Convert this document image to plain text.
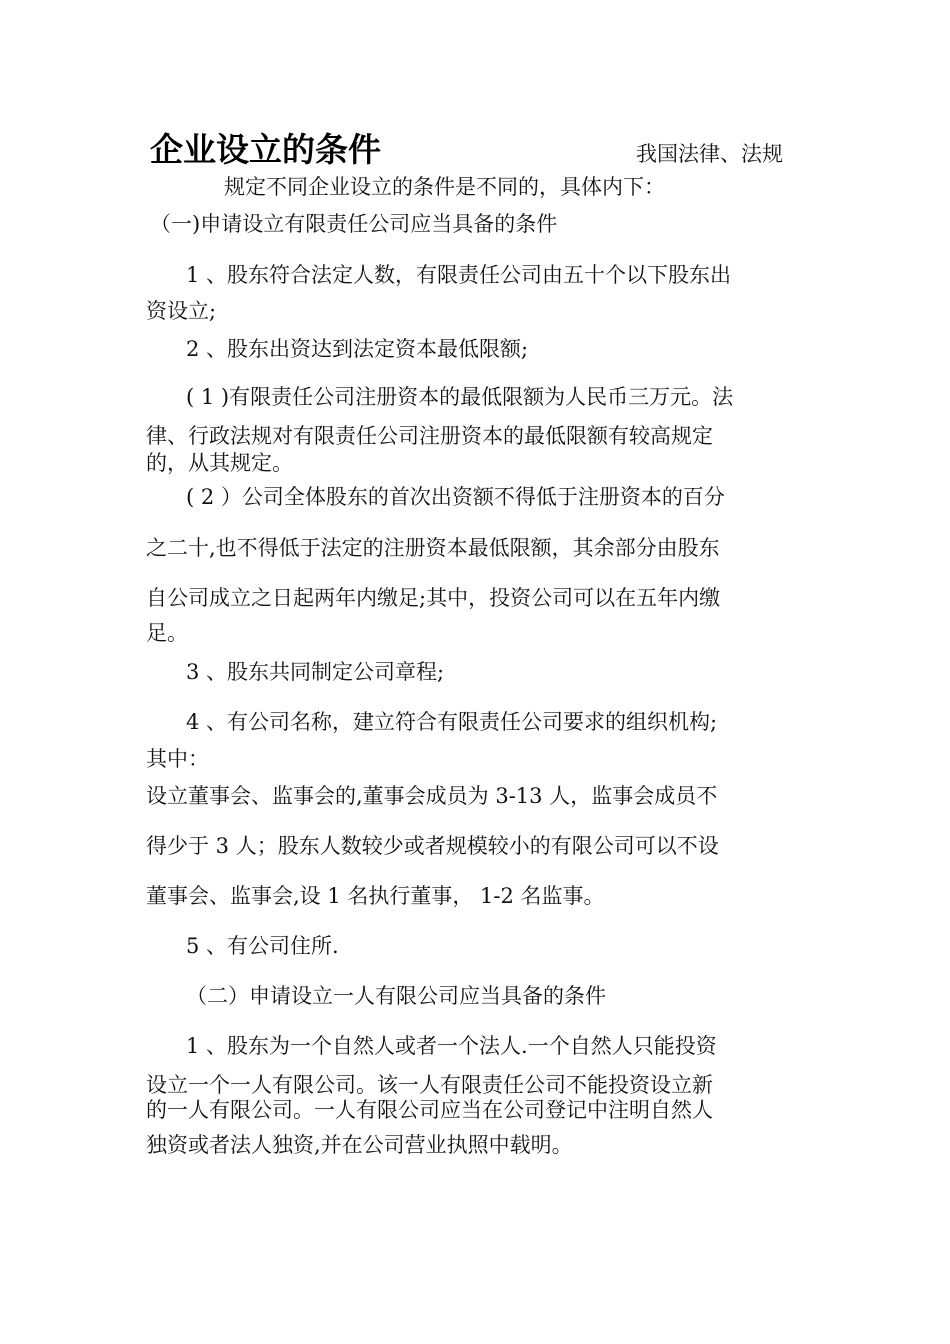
企业设立的条件	我国法律、法规
规定不同企业设立的条件是不同的，具体内下：
（一)申请设立有限责任公司应当具备的条件
1 、股东符合法定人数，有限责任公司由五十个以下股东出
资设立;
2 、股东出资达到法定资本最低限额;
( 1 )有限责任公司注册资本的最低限额为人民币三万元。法
律、行政法规对有限责任公司注册资本的最低限额有较高规定
的，从其规定。
( 2 ）公司全体股东的首次出资额不得低于注册资本的百分
之二十,也不得低于法定的注册资本最低限额，其余部分由股东
自公司成立之日起两年内缴足;其中，投资公司可以在五年内缴
足。
3 、股东共同制定公司章程;
4 、有公司名称，建立符合有限责任公司要求的组织机构;
其中：
设立董事会、监事会的,董事会成员为 3-13 人，监事会成员不
得少于 3 人；股东人数较少或者规模较小的有限公司可以不设
董事会、监事会,设 1 名执行董事， 1-2 名监事。
5 、有公司住所.
（二）申请设立一人有限公司应当具备的条件
1 、股东为一个自然人或者一个法人.一个自然人只能投资
设立一个一人有限公司。该一人有限责任公司不能投资设立新
的一人有限公司。一人有限公司应当在公司登记中注明自然人
独资或者法人独资,并在公司营业执照中载明。
